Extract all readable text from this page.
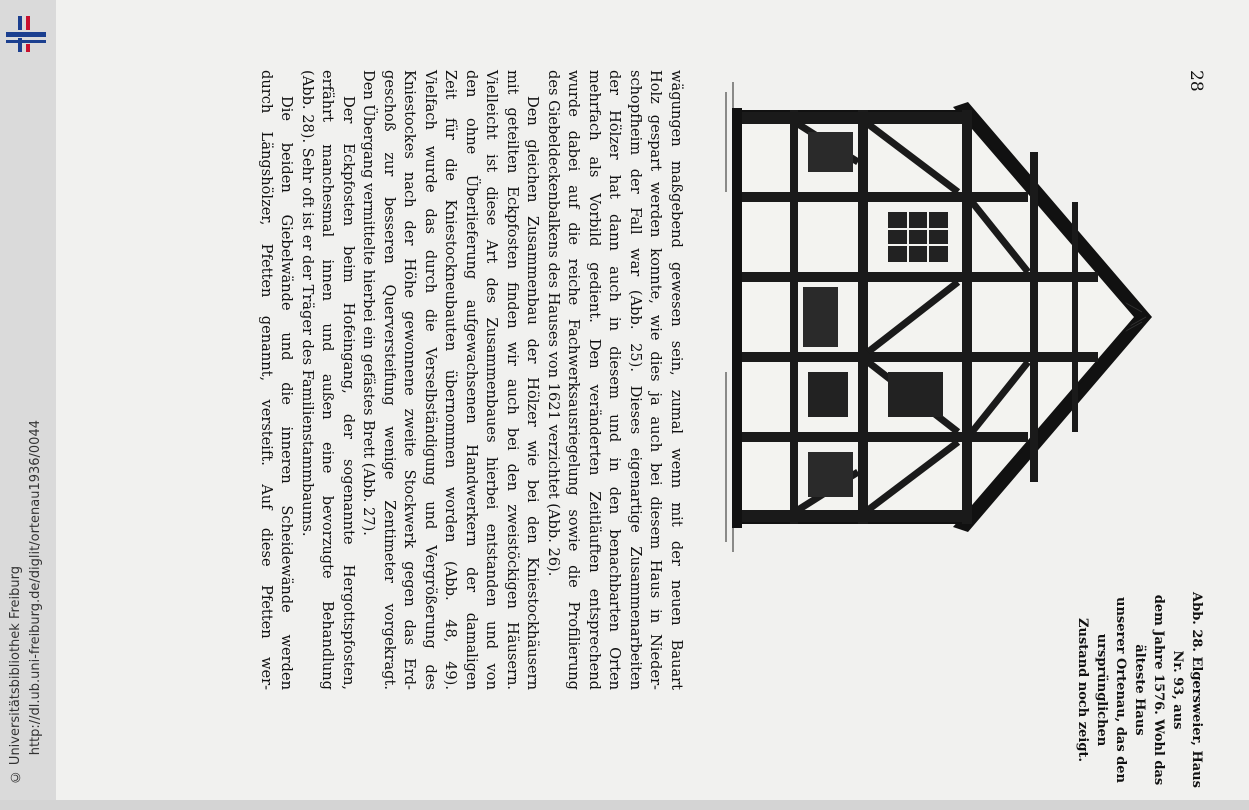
http://dl.ub.uni-freiburg.de/diglit/ortenau1936/0044
© Universitätsbibliothek Freiburg
28
Abb. 28. Elgersweier, Haus Nr. 93, aus
dem Jahre 1576. Wohl das älteste Haus
unserer Ortenau, das den ursprünglichen
Zustand noch zeigt.

wägungen maßgebend gewesen sein, zumal wenn mit der neuen Bauart
Holz gespart werden konnte, wie dies ja auch bei diesem Haus in Nieder-
schopfheim der Fall war (Abb. 25). Dieses eigenartige Zusammenarbeiten
der Hölzer hat dann auch in diesem und in den benachbarten Orten
mehrfach als Vorbild gedient. Den veränderten Zeitläuften entsprechend
wurde dabei auf die reiche Fachwerksausriegelung sowie die Profilierung
des Giebeldeckenbalkens des Hauses von 1621 verzichtet (Abb. 26).

Den gleichen Zusammenbau der Hölzer wie bei den Kniestockhäusern
mit geteilten Eckpfosten finden wir auch bei den zweistöckigen Häusern.
Vielleicht ist diese Art des Zusammenbaues hierbei entstanden und von
den ohne Überlieferung aufgewachsenen Handwerkern der damaligen
Zeit für die Kniestockneubauten übernommen worden (Abb. 48, 49).
Vielfach wurde das durch die Verselbständigung und Vergrößerung des
Kniestockes nach der Höhe gewonnene zweite Stockwerk gegen das Erd-
geschoß zur besseren Querversteifung wenige Zentimeter vorgekragt.
Den Übergang vermittelte hierbei ein gefästes Brett (Abb. 27).

Der Eckpfosten beim Hofeingang, der sogenannte Hergottspfosten,
erfährt manchesmal innen und außen eine bevorzugte Behandlung
(Abb. 28). Sehr oft ist er der Träger des Familienstammbaums.

Die beiden Giebelwände und die inneren Scheidewände werden
durch Längshölzer, Pfetten genannt, versteift. Auf diese Pfetten wer-
